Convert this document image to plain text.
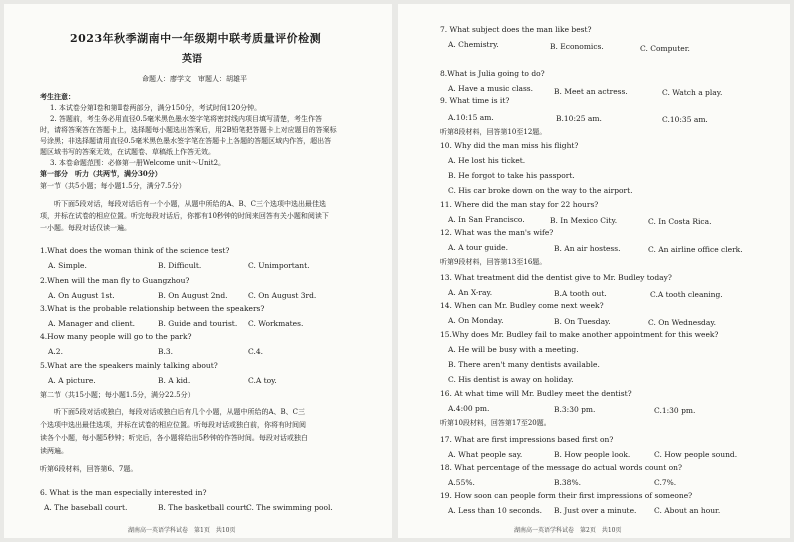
2023年秋季湖南中一年级期中联考质量评价检测
英语
命题人：廖学文　审题人：胡雄平
考生注意：
1. 本试卷分第Ⅰ卷和第Ⅱ卷两部分，满分150分，考试时间120分钟。
2. 答题前，考生务必用直径0.5毫米黑色墨水签字笔将密封线内项目填写清楚，考生作答
时，请将答案答在答题卡上，选择题每小题选出答案后，用2B铅笔把答题卡上对应题目的答案标
号涂黑；非选择题请用直径0.5毫米黑色墨水签字笔在答题卡上各题的答题区域内作答，超出答
题区域书写的答案无效，在试题卷、草稿纸上作答无效。
3. 本卷命题范围：必修第一册Welcome unit～Unit2。
第一部分　听力（共两节，满分30分）
第一节（共5小题；每小题1.5分，满分7.5分）
听下面5段对话，每段对话后有一个小题，从题中所给的A、B、C三个选项中选出最佳选
项，并标在试卷的相应位置。听完每段对话后，你都有10秒钟的时间来回答有关小题和阅读下
一小题。每段对话仅读一遍。
1.What does the woman think of the science test?
A. Simple.	B. Difficult.	C. Unimportant.
2.When will the man fly to Guangzhou?
A. On August 1st.	B. On August 2nd.	C. On August 3rd.
3.What is the probable relationship between the speakers?
A. Manager and client.	B. Guide and tourist. C. Workmates.
4.How many people will go to the park?
A.2.	B.3.	C.4.
5.What are the speakers mainly talking about?
A. A picture.	B. A kid.	C.A toy.
第二节（共15小题；每小题1.5分，满分22.5分）
听下面5段对话或独白，每段对话或独白后有几个小题，从题中所给的A、B、C三
个选项中选出最佳选项，并标在试卷的相应位置。听每段对话或独白前，你将有时间阅
读各个小题，每小题5秒钟；听完后，各小题将给出5秒钟的作答时间。每段对话或独白
读两遍。
听第6段材料，回答第6、7题。
6. What is the man especially interested in?
A. The baseball court.	B. The basketball court.
C. The swimming pool.
湖南高一英语学科试卷　第1页　共10页
7. What subject does the man like best?
A. Chemistry.	B. Economics.	C. Computer.
8.What is Julia going to do?
A. Have a music class.	B. Meet an actress.	C. Watch a play.
9. What time is it?
A.10:15 am.	B.10:25 am.	C.10:35 am.
听第8段材料，回答第10至12题。
10. Why did the man miss his flight?
A. He lost his ticket.
B. He forgot to take his passport.
C. His car broke down on the way to the airport.
11. Where did the man stay for 22 hours?
A. In San Francisco.	B. In Mexico City.	C. In Costa Rica.
12. What was the man's wife?
A. A tour guide.	B. An air hostess.	C. An airline office clerk.
听第9段材料，回答第13至16题。
13. What treatment did the dentist give to Mr. Budley today?
A. An X-ray.	B.A tooth out.	C.A tooth cleaning.
14. When can Mr. Budley come next week?
A. On Monday.	B. On Tuesday.	C. On Wednesday.
15.Why does Mr. Budley fail to make another appointment for this week?
A. He will be busy with a meeting.
B. There aren't many dentists available.
C. His dentist is away on holiday.
16. At what time will Mr. Budley meet the dentist?
A.4:00 pm.	B.3:30 pm.	C.1:30 pm.
听第10段材料，回答第17至20题。
17. What are first impressions based first on?
A. What people say.	B. How people look.	C. How people sound.
18. What percentage of the message do actual words count on?
A.55%.	B.38%.	C.7%.
19. How soon can people form their first impressions of someone?
A. Less than 10 seconds. B. Just over a minute. C. About an hour.
湖南高一英语学科试卷　第2页　共10页
